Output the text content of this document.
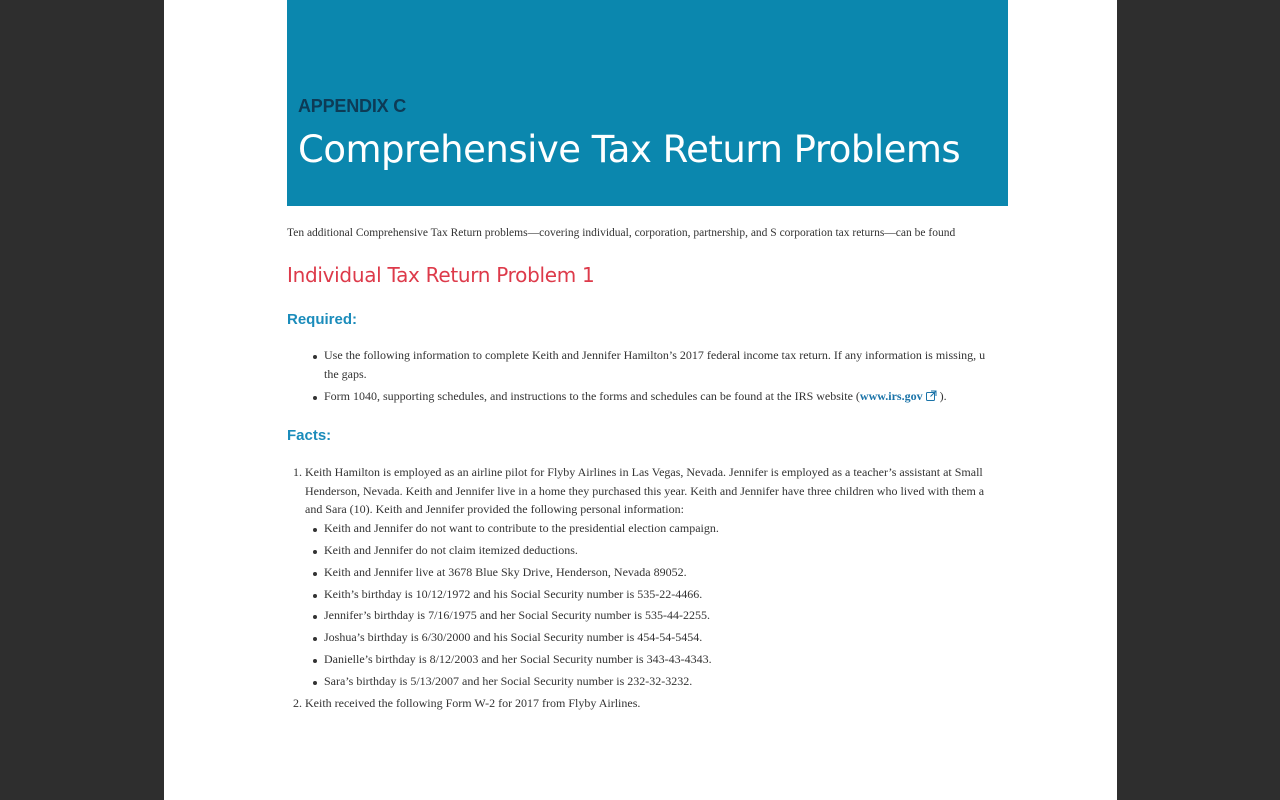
APPENDIX C
Comprehensive Tax Return Problems
Ten additional Comprehensive Tax Return problems—covering individual, corporation, partnership, and S corporation tax returns—can be found
Individual Tax Return Problem 1
Required:
Use the following information to complete Keith and Jennifer Hamilton’s 2017 federal income tax return. If any information is missing, u
the gaps.
Form 1040, supporting schedules, and instructions to the forms and schedules can be found at the IRS website (www.irs.gov ).
Facts:
1. Keith Hamilton is employed as an airline pilot for Flyby Airlines in Las Vegas, Nevada. Jennifer is employed as a teacher’s assistant at Small
Henderson, Nevada. Keith and Jennifer live in a home they purchased this year. Keith and Jennifer have three children who lived with them a
and Sara (10). Keith and Jennifer provided the following personal information:
Keith and Jennifer do not want to contribute to the presidential election campaign.
Keith and Jennifer do not claim itemized deductions.
Keith and Jennifer live at 3678 Blue Sky Drive, Henderson, Nevada 89052.
Keith’s birthday is 10/12/1972 and his Social Security number is 535-22-4466.
Jennifer’s birthday is 7/16/1975 and her Social Security number is 535-44-2255.
Joshua’s birthday is 6/30/2000 and his Social Security number is 454-54-5454.
Danielle’s birthday is 8/12/2003 and her Social Security number is 343-43-4343.
Sara’s birthday is 5/13/2007 and her Social Security number is 232-32-3232.
2. Keith received the following Form W-2 for 2017 from Flyby Airlines.
